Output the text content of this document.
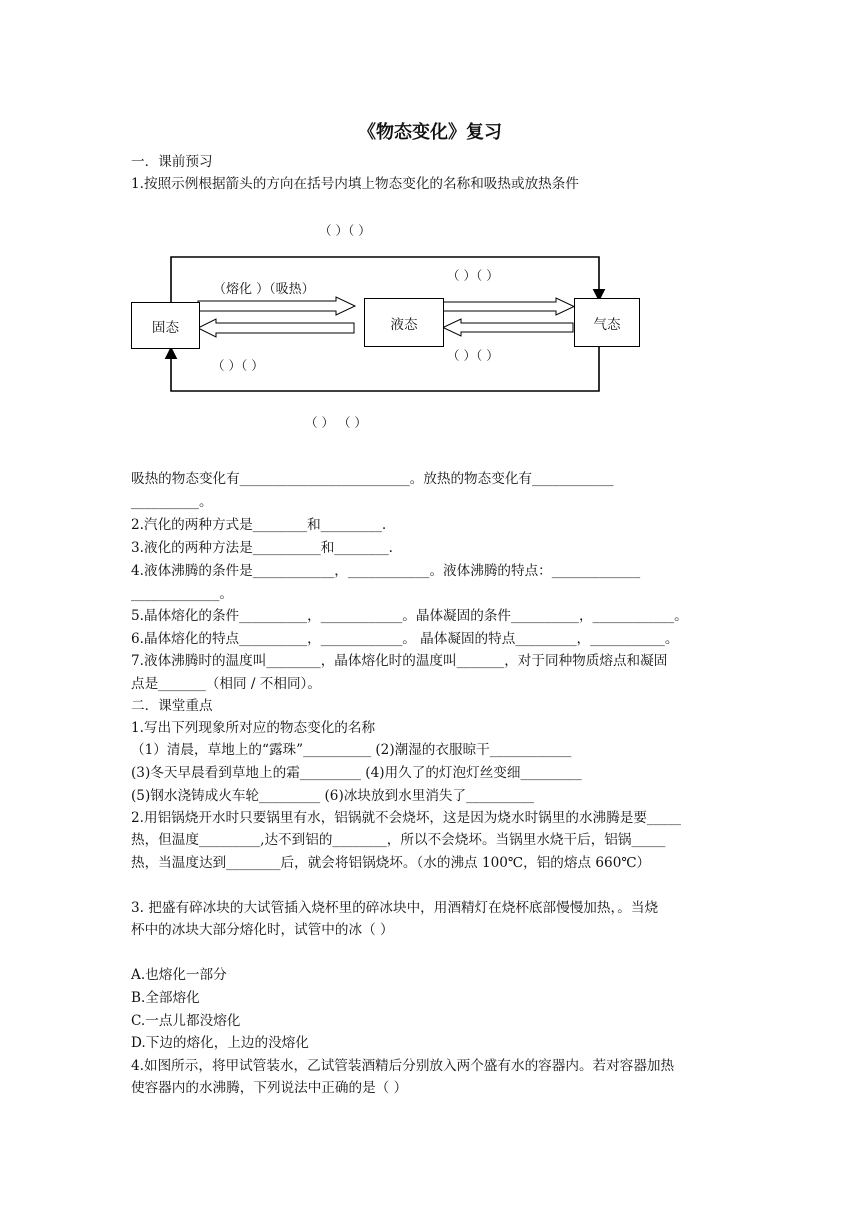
《物态变化》复习
一．课前预习
1.按照示例根据箭头的方向在括号内填上物态变化的名称和吸热或放热条件
固态	液态	气态
（ ）（ ）
（熔化 ）（吸热）
（ ）（ ）
（ ）（ ）
（ ）（ ）
（ ） （ ）
吸热的物态变化有_________________________。放热的物态变化有____________
__________。
2.汽化的两种方式是________和_________.
3.液化的两种方法是__________和________.
4.液体沸腾的条件是____________，____________。液体沸腾的特点：_____________
_____________。
5.晶体熔化的条件__________，____________。晶体凝固的条件__________，____________。
6.晶体熔化的特点__________，____________。 晶体凝固的特点_________，___________。
7.液体沸腾时的温度叫________，晶体熔化时的温度叫_______，对于同种物质熔点和凝固
点是_______（相同 / 不相同）。
二．课堂重点
1.写出下列现象所对应的物态变化的名称
（1）清晨，草地上的“露珠”__________ (2)潮湿的衣服晾干____________
(3)冬天早晨看到草地上的霜_________ (4)用久了的灯泡灯丝变细_________
(5)钢水浇铸成火车轮_________ (6)冰块放到水里消失了__________
2.用铝锅烧开水时只要锅里有水，铝锅就不会烧坏，这是因为烧水时锅里的水沸腾是要_____
热，但温度_________,达不到铝的________，所以不会烧坏。当锅里水烧干后，铝锅_____
热，当温度达到________后，就会将铝锅烧坏。（水的沸点 100℃，铝的熔点 660℃）
3. 把盛有碎冰块的大试管插入烧杯里的碎冰块中，用酒精灯在烧杯底部慢慢加热，。当烧
杯中的冰块大部分熔化时，试管中的冰（ ）
A.也熔化一部分
B.全部熔化
C.一点儿都没熔化
D.下边的熔化，上边的没熔化
4.如图所示，将甲试管装水，乙试管装酒精后分别放入两个盛有水的容器内。若对容器加热
使容器内的水沸腾，下列说法中正确的是（ ）
